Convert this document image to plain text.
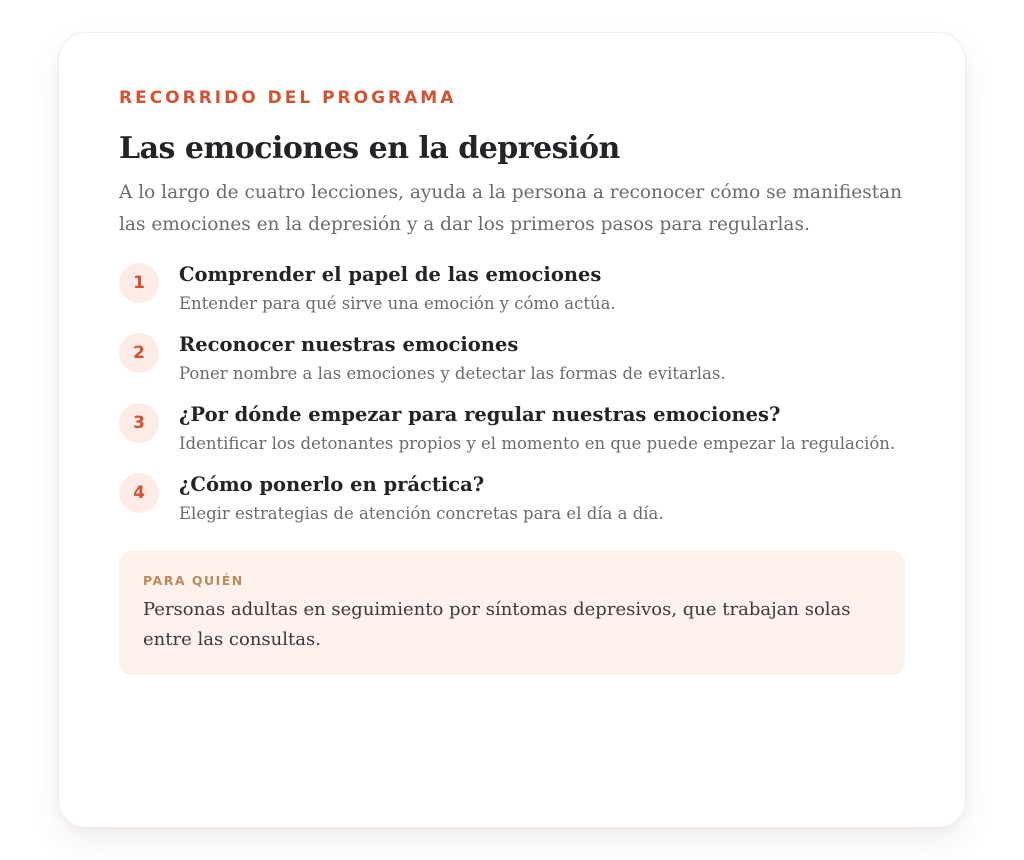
RECORRIDO DEL PROGRAMA

Las emociones en la depresión

A lo largo de cuatro lecciones, ayuda a la persona a reconocer cómo se manifiestan las emociones en la depresión y a dar los primeros pasos para regularlas.

1	Comprender el papel de las emociones
Entender para qué sirve una emoción y cómo actúa.
2	Reconocer nuestras emociones
Poner nombre a las emociones y detectar las formas de evitarlas.
3	¿Por dónde empezar para regular nuestras emociones?
Identificar los detonantes propios y el momento en que puede empezar la regulación.
4	¿Cómo ponerlo en práctica?
Elegir estrategias de atención concretas para el día a día.
PARA QUIÉN
Personas adultas en seguimiento por síntomas depresivos, que trabajan solas entre las consultas.
